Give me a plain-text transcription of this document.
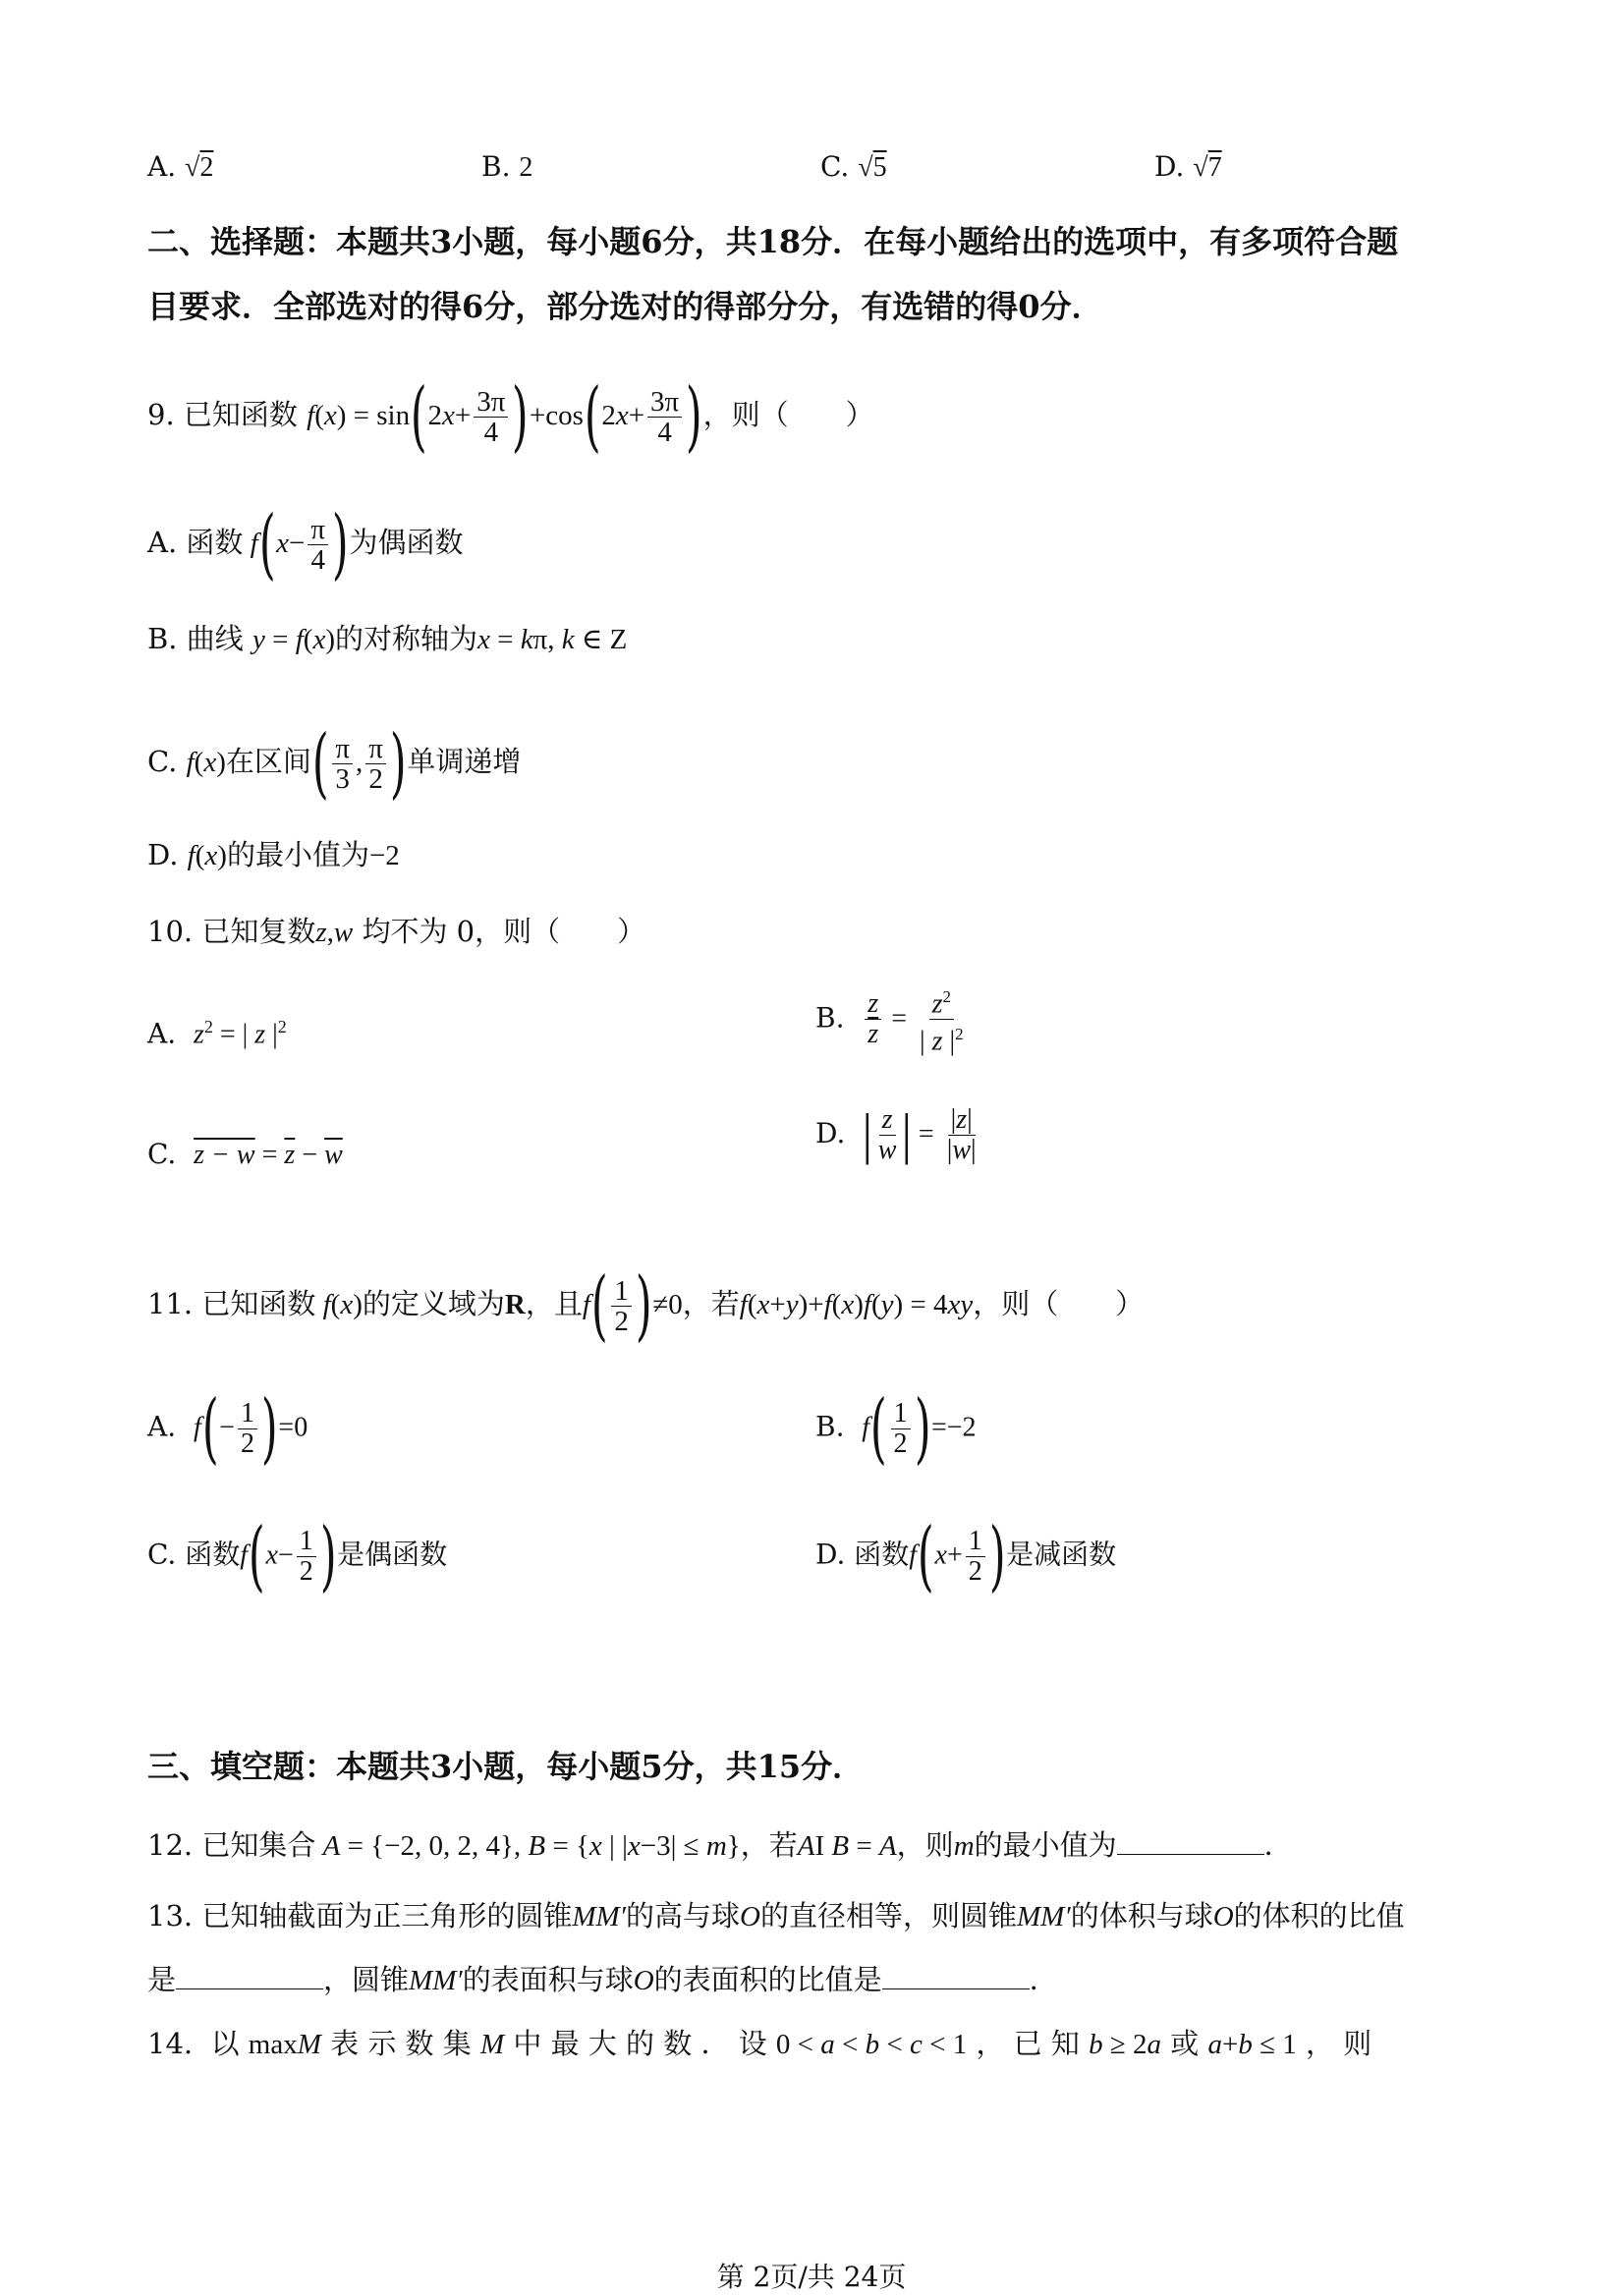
A. √2	B. 2	C. √5	D. √7
二、选择题：本题共3小题，每小题6分，共18分．在每小题给出的选项中，有多项符合题
目要求．全部选对的得6分，部分选对的得部分分，有选错的得0分．
9. 已知函数 $f(x) = \sin(2x+ \frac{3\pi}{4} )+\cos(2x+ \frac{3\pi}{4}$ )，则（　　）
A. 函数 $f(x- \frac{\pi}{4}$ )为偶函数
B. 曲线 y = f(x)的对称轴为x = kπ, k ∈ Z
C. f(x)在区间( $\frac{\pi}{3}$ , $\frac{\pi}{2}$ )单调递增
D. f(x)的最小值为−2
10. 已知复数z,w 均不为 0，则（　　）
A. $z^2$ = | z $|^2$	B. $\frac{z}{z} = \frac{z^2}{| z |^2}$
C. $z - w = \overline{z} - \overline{w}$
D. | $\frac{z}{w}$ | = $\frac{|z|}{|w|}$
11. 已知函数 f(x)的定义域为R，且$f( \frac{1}{2} )\ne 0$，若f(x+y)+f(x)f(y) = 4xy，则（　　）
A. $f(- \frac{1}{2} )=0$	B. $f( \frac{1}{2} )=-2$
C. 函数$f(x- \frac{1}{2}$ )是偶函数	D. 函数$f(x+ \frac{1}{2}$ )是减函数
三、填空题：本题共3小题，每小题5分，共15分．
12. 已知集合 A = {−2, 0, 2, 4}, B = {x | |x−3| ≤ m}，若AI B = A，则m的最小值为	．
13. 已知轴截面为正三角形的圆锥MM′的高与球O的直径相等，则圆锥MM′的体积与球O的体积的比值
是	，圆锥MM′的表面积与球O的表面积的比值是	．
14. 以 maxM 表 示 数 集 M 中 最 大 的 数 ． 设 0 < a < b < c < 1 ， 已 知 b ≥ 2a 或 a+b ≤ 1 ， 则
第 2页/共 24页
